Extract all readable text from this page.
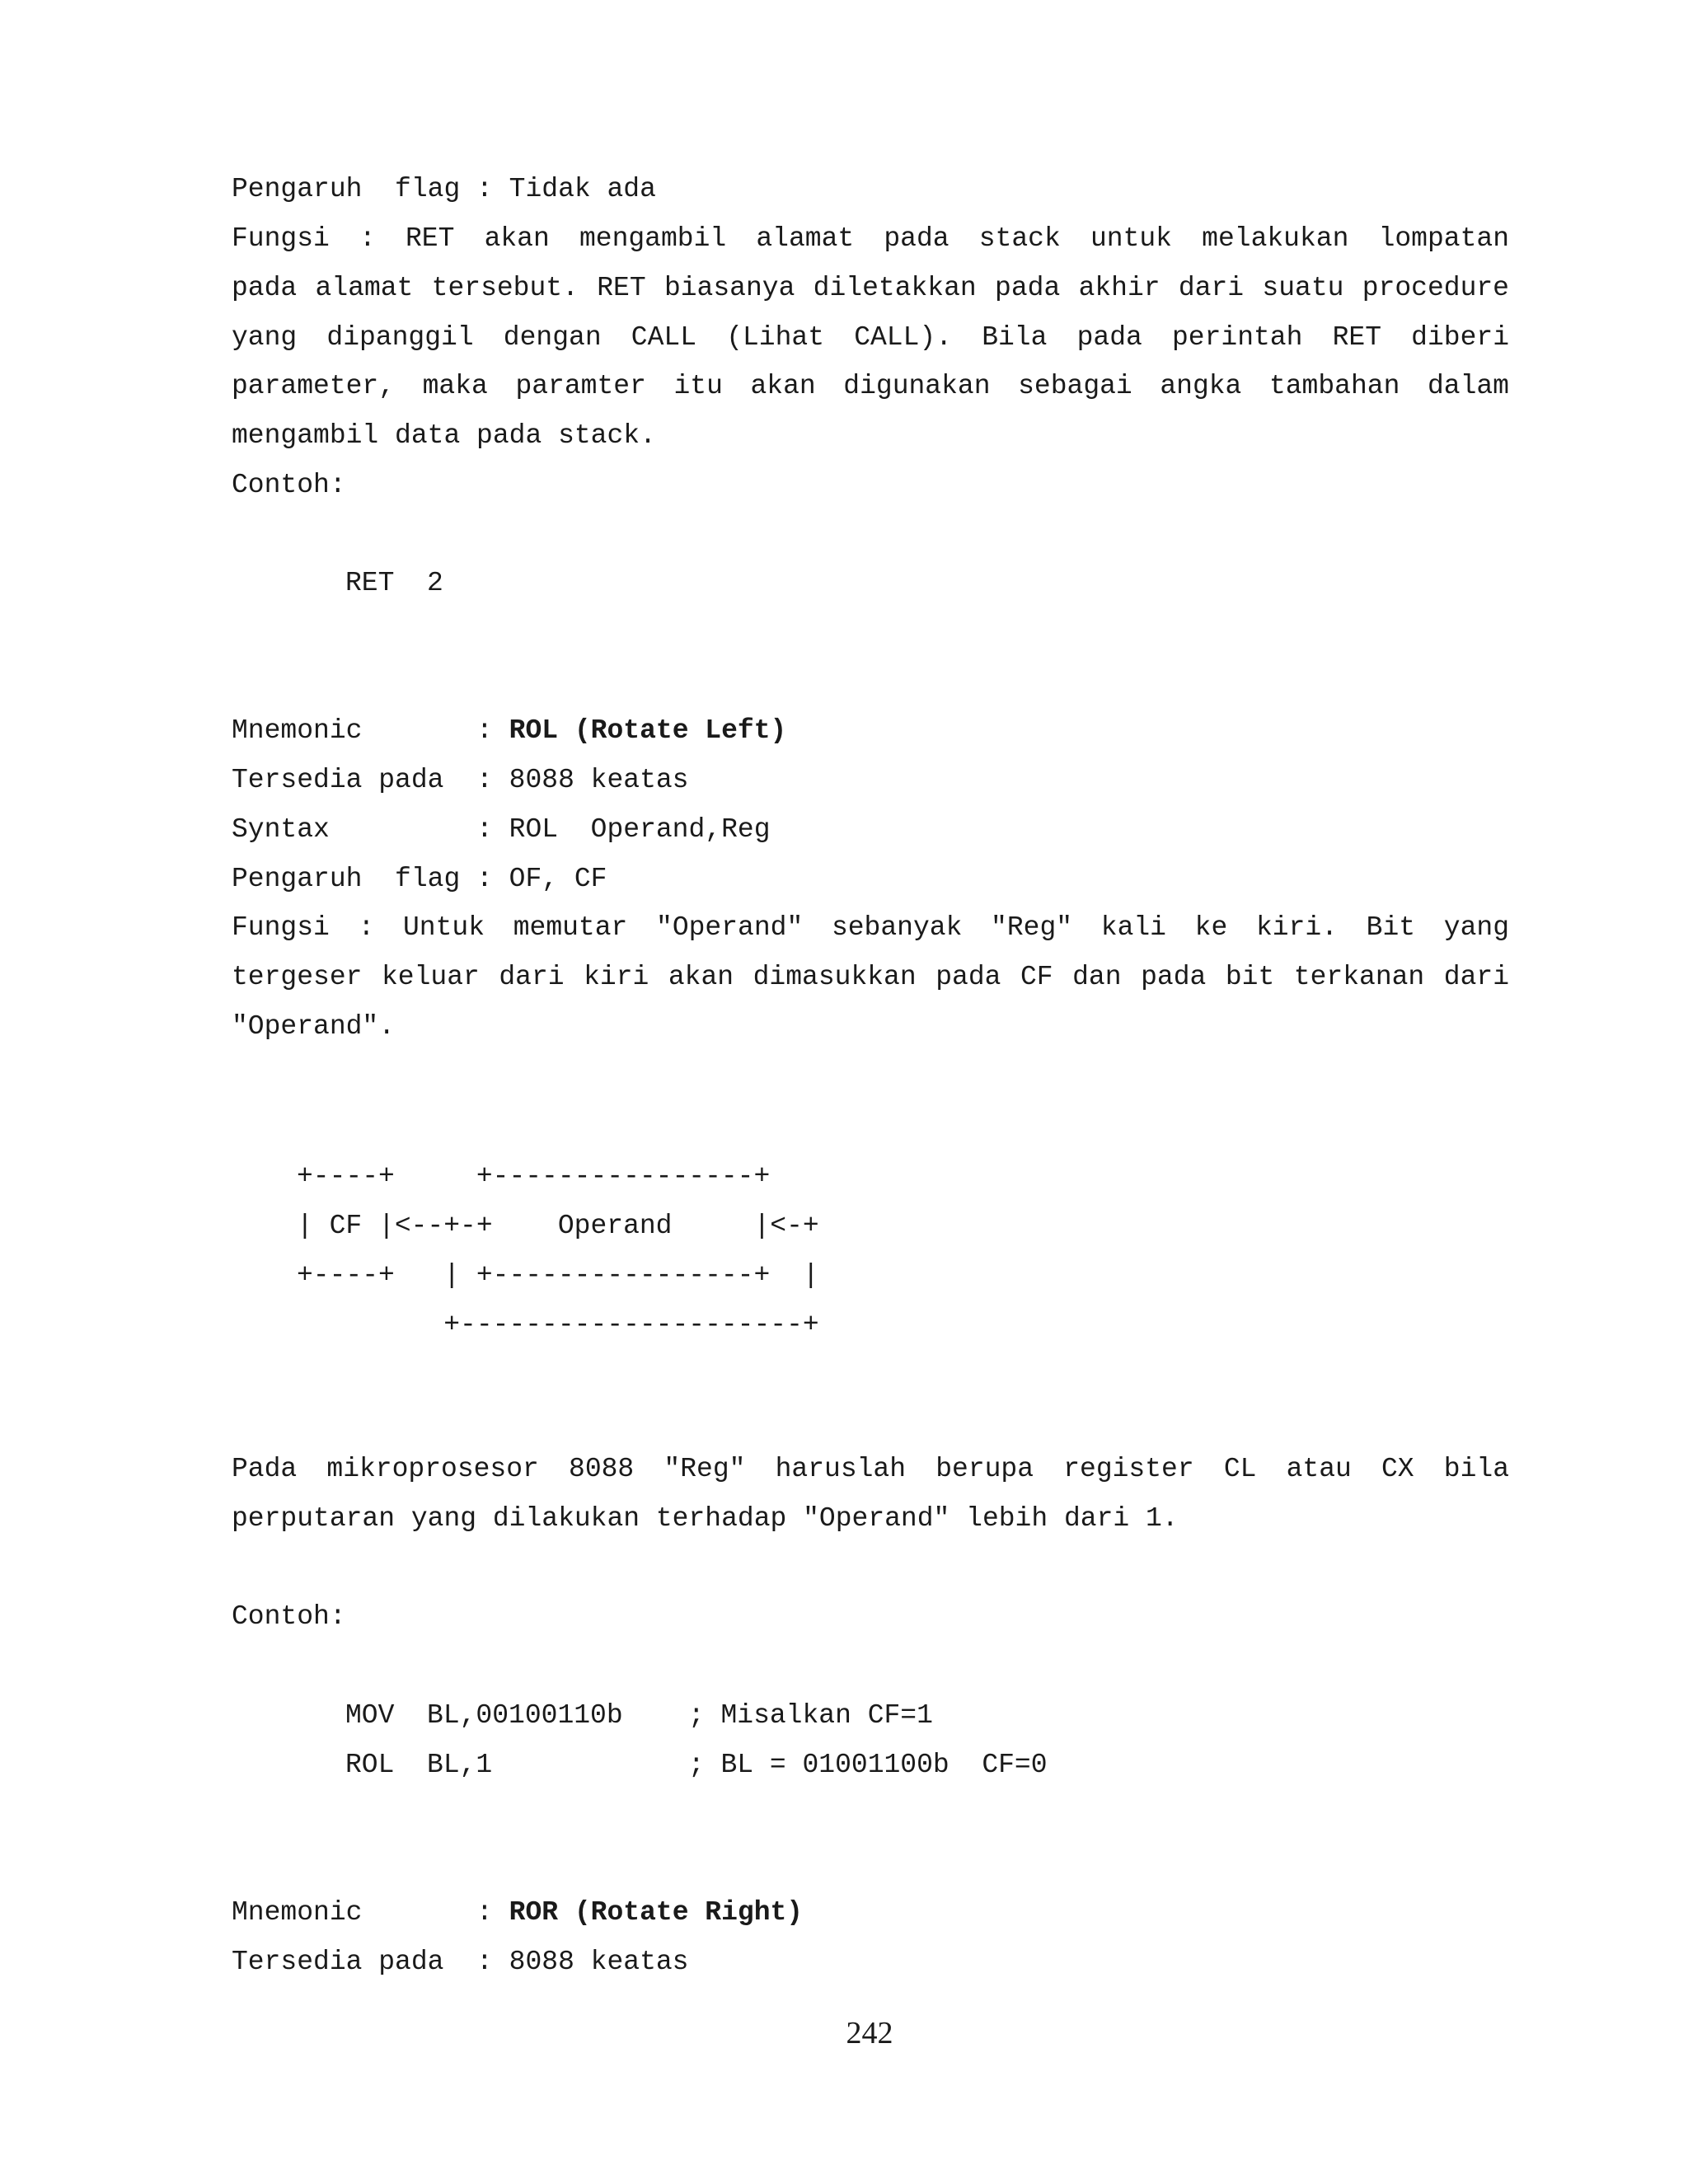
Pengaruh  flag : Tidak ada

Fungsi : RET akan mengambil alamat pada stack untuk melakukan lompatan

pada alamat tersebut. RET biasanya diletakkan pada akhir dari suatu procedure

yang dipanggil dengan CALL (Lihat CALL). Bila pada perintah RET diberi

parameter, maka paramter itu akan digunakan sebagai angka tambahan dalam

mengambil data pada stack.

Contoh:

RET  2

Mnemonic       : ROL (Rotate Left)

Tersedia pada  : 8088 keatas

Syntax         : ROL  Operand,Reg

Pengaruh  flag : OF, CF

Fungsi : Untuk memutar "Operand" sebanyak "Reg" kali ke kiri. Bit yang

tergeser keluar dari kiri akan dimasukkan pada CF dan pada bit terkanan dari

"Operand".

+----+     +----------------+
| CF |<--+-+    Operand     |<-+
+----+   | +----------------+  |
+---------------------+

Pada mikroprosesor 8088 "Reg" haruslah berupa register CL atau CX bila

perputaran yang dilakukan terhadap "Operand" lebih dari 1.

Contoh:

MOV  BL,00100110b    ; Misalkan CF=1

ROL  BL,1            ; BL = 01001100b  CF=0

Mnemonic       : ROR (Rotate Right)

Tersedia pada  : 8088 keatas

242
